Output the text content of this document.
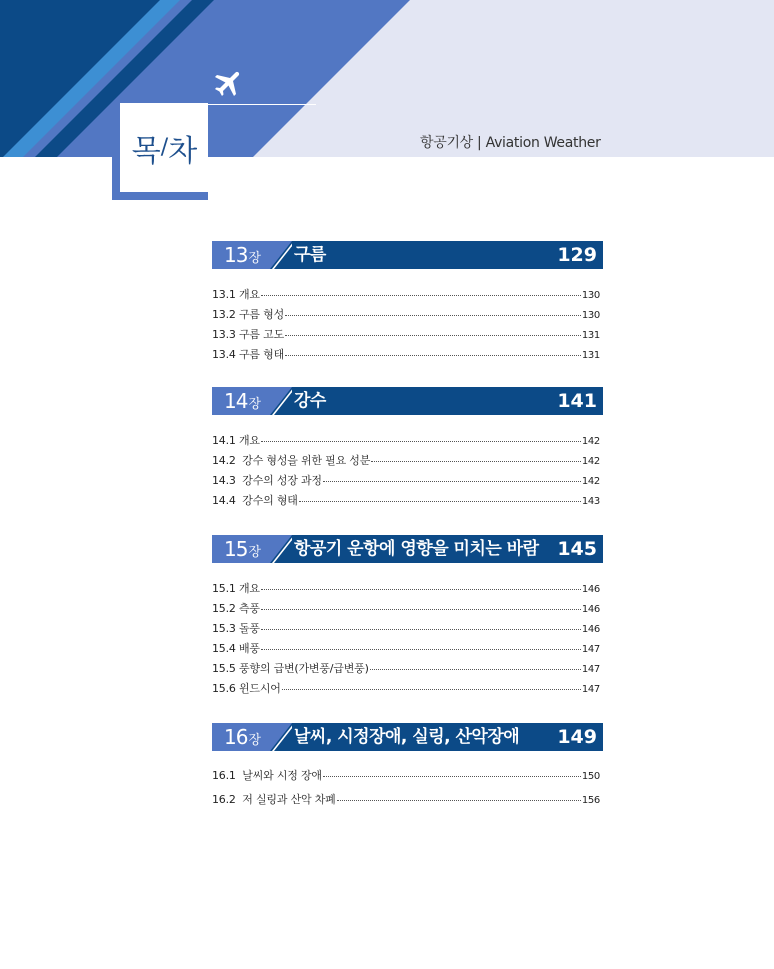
목 / 차	항공기상 | Aviation Weather
13장 구름	129
13.1 개요	130
13.2 구름 형성	130
13.3 구름 고도	131
13.4 구름 형태	131
14장 강수	141
14.1 개요	142
14.2  강수 형성을 위한 필요 성분	142
14.3  강수의 성장 과정	142
14.4  강수의 형태	143
15장 항공기 운항에 영향을 미치는 바람 145
15.1 개요	146
15.2 측풍	146
15.3 돌풍	146
15.4 배풍	147
15.5 풍향의 급변(가변풍/급변풍)	147
15.6 윈드시어	147
16장 날씨, 시정장애, 실링, 산악장애 149
16.1  날씨와 시정 장애	150
16.2  저 실링과 산악 차폐	156
